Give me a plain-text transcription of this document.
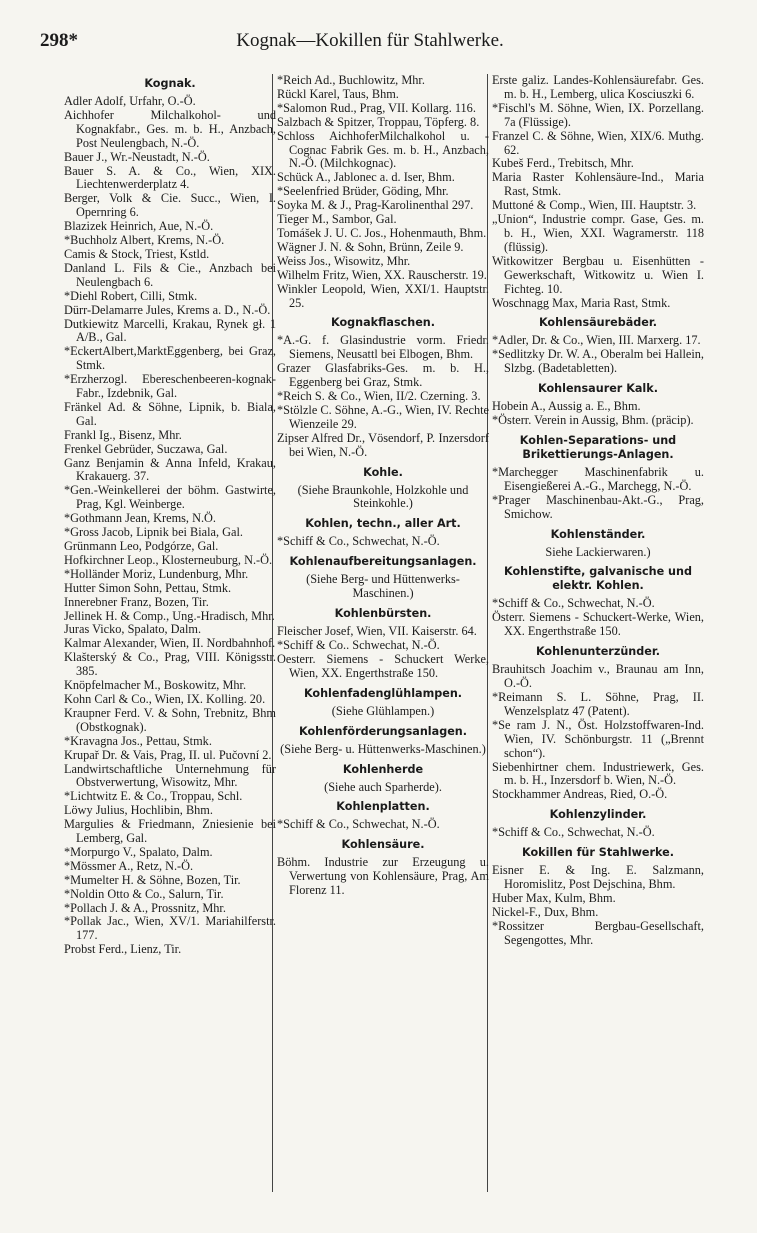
298*	Kognak—Kokillen für Stahlwerke.
Kognak.
Adler Adolf, Urfahr, O.-Ö.
Aichhofer Milchalkohol- und Kognakfabr., Ges. m. b. H., Anzbach, Post Neulengbach, N.-Ö.
Bauer J., Wr.-Neustadt, N.-Ö.
Bauer S. A. & Co., Wien, XIX. Liechtenwerderplatz 4.
Berger, Volk & Cie. Succ., Wien, I. Opernring 6.
Blazizek Heinrich, Aue, N.-Ö.
*Buchholz Albert, Krems, N.-Ö.
Camis & Stock, Triest, Kstld.
Danland L. Fils & Cie., Anzbach bei Neulengbach 6.
*Diehl Robert, Cilli, Stmk.
Dürr-Delamarre Jules, Krems a. D., N.-Ö.
Dutkiewitz Marcelli, Krakau, Rynek gł. 1 A/B., Gal.
*EckertAlbert,MarktEggenberg, bei Graz, Stmk.
*Erzherzogl. Ebereschenbeeren-kognak-Fabr., Izdebnik, Gal.
Fränkel Ad. & Söhne, Lipnik, b. Biala, Gal.
Frankl Ig., Bisenz, Mhr.
Frenkel Gebrüder, Suczawa, Gal.
Ganz Benjamin & Anna Infeld, Krakau, Krakauerg. 37.
*Gen.-Weinkellerei der böhm. Gastwirte, Prag, Kgl. Weinberge.
*Gothmann Jean, Krems, N.Ö.
*Gross Jacob, Lipnik bei Biala, Gal.
Grünmann Leo, Podgórze, Gal.
Hofkirchner Leop., Klosterneuburg, N.-Ö.
*Holländer Moriz, Lundenburg, Mhr.
Hutter Simon Sohn, Pettau, Stmk.
Innerebner Franz, Bozen, Tir.
Jellinek H. & Comp., Ung.-Hradisch, Mhr.
Juras Vicko, Spalato, Dalm.
Kalmar Alexander, Wien, II. Nordbahnhof.
Klašterský & Co., Prag, VIII. Königsstr. 385.
Knöpfelmacher M., Boskowitz, Mhr.
Kohn Carl & Co., Wien, IX. Kolling. 20.
Kraupner Ferd. V. & Sohn, Trebnitz, Bhm (Obstkognak).
*Kravagna Jos., Pettau, Stmk.
Krupař Dr. & Vais, Prag, II. ul. Pučovní 2.
Landwirtschaftliche Unternehmung für Obstverwertung, Wisowitz, Mhr.
*Lichtwitz E. & Co., Troppau, Schl.
Löwy Julius, Hochlibin, Bhm.
Margulies & Friedmann, Zniesienie bei Lemberg, Gal.
*Morpurgo V., Spalato, Dalm.
*Mössmer A., Retz, N.-Ö.
*Mumelter H. & Söhne, Bozen, Tir.
*Noldin Otto & Co., Salurn, Tir.
*Pollach J. & A., Prossnitz, Mhr.
*Pollak Jac., Wien, XV/1. Mariahilferstr. 177.
Probst Ferd., Lienz, Tir.
*Reich Ad., Buchlowitz, Mhr.
Rückl Karel, Taus, Bhm.
*Salomon Rud., Prag, VII. Kollarg. 116.
Salzbach & Spitzer, Troppau, Töpferg. 8.
Schloss AichhoferMilchalkohol u. -Cognac Fabrik Ges. m. b. H., Anzbach, N.-Ö. (Milchkognac).
Schück A., Jablonec a. d. Iser, Bhm.
*Seelenfried Brüder, Göding, Mhr.
Soyka M. & J., Prag-Karolinenthal 297.
Tieger M., Sambor, Gal.
Tomášek J. U. C. Jos., Hohenmauth, Bhm.
Wägner J. N. & Sohn, Brünn, Zeile 9.
Weiss Jos., Wisowitz, Mhr.
Wilhelm Fritz, Wien, XX. Rauscherstr. 19.
Winkler Leopold, Wien, XXI/1. Hauptstr. 25.
Kognakflaschen.
*A.-G. f. Glasindustrie vorm. Friedr. Siemens, Neusattl bei Elbogen, Bhm.
Grazer Glasfabriks-Ges. m. b. H., Eggenberg bei Graz, Stmk.
*Reich S. & Co., Wien, II/2. Czerning. 3.
*Stölzle C. Söhne, A.-G., Wien, IV. Rechte Wienzeile 29.
Zipser Alfred Dr., Vösendorf, P. Inzersdorf bei Wien, N.-Ö.
Kohle.
(Siehe Braunkohle, Holzkohle und Steinkohle.)
Kohlen, techn., aller Art.
*Schiff & Co., Schwechat, N.-Ö.
Kohlenaufbereitungsanlagen.
(Siehe Berg- und Hüttenwerks-Maschinen.)
Kohlenbürsten.
Fleischer Josef, Wien, VII. Kaiserstr. 64.
*Schiff & Co.. Schwechat, N.-Ö.
Oesterr. Siemens - Schuckert Werke, Wien, XX. Engerthstraße 150.
Kohlenfadenglühlampen.
(Siehe Glühlampen.)
Kohlenförderungsanlagen.
(Siehe Berg- u. Hüttenwerks-Maschinen.)
Kohlenherde
(Siehe auch Sparherde).
Kohlenplatten.
*Schiff & Co., Schwechat, N.-Ö.
Kohlensäure.
Böhm. Industrie zur Erzeugung u. Verwertung von Kohlensäure, Prag, Am Florenz 11.
Erste galiz. Landes-Kohlensäurefabr. Ges. m. b. H., Lemberg, ulica Kosciuszki 6.
*Fischl's M. Söhne, Wien, IX. Porzellang. 7a (Flüssige).
Franzel C. & Söhne, Wien, XIX/6. Muthg. 62.
Kubeš Ferd., Trebitsch, Mhr.
Maria Raster Kohlensäure-Ind., Maria Rast, Stmk.
Muttoné & Comp., Wien, III. Hauptstr. 3.
„Union“, Industrie compr. Gase, Ges. m. b. H., Wien, XXI. Wagramerstr. 118 (flüssig).
Witkowitzer Bergbau u. Eisenhütten - Gewerkschaft, Witkowitz u. Wien I. Fichteg. 10.
Woschnagg Max, Maria Rast, Stmk.
Kohlensäurebäder.
*Adler, Dr. & Co., Wien, III. Marxerg. 17.
*Sedlitzky Dr. W. A., Oberalm bei Hallein, Slzbg. (Badetabletten).
Kohlensaurer Kalk.
Hobein A., Aussig a. E., Bhm.
*Österr. Verein in Aussig, Bhm. (präcip).
Kohlen-Separations- und Brikettierungs-Anlagen.
*Marchegger Maschinenfabrik u. Eisengießerei A.-G., Marchegg, N.-Ö.
*Prager Maschinenbau-Akt.-G., Prag, Smichow.
Kohlenständer.
Siehe Lackierwaren.)
Kohlenstifte, galvanische und elektr. Kohlen.
*Schiff & Co., Schwechat, N.-Ö.
Österr. Siemens - Schuckert-Werke, Wien, XX. Engerthstraße 150.
Kohlenunterzünder.
Brauhitsch Joachim v., Braunau am Inn, O.-Ö.
*Reimann S. L. Söhne, Prag, II. Wenzelsplatz 47 (Patent).
*Se ram J. N., Öst. Holzstoffwaren-Ind. Wien, IV. Schönburgstr. 11 („Brennt schon“).
Siebenhirtner chem. Industriewerk, Ges. m. b. H., Inzersdorf b. Wien, N.-Ö.
Stockhammer Andreas, Ried, O.-Ö.
Kohlenzylinder.
*Schiff & Co., Schwechat, N.-Ö.
Kokillen für Stahlwerke.
Eisner E. & Ing. E. Salzmann, Horomislitz, Post Dejschina, Bhm.
Huber Max, Kulm, Bhm.
Nickel-F., Dux, Bhm.
*Rossitzer Bergbau-Gesellschaft, Segengottes, Mhr.
